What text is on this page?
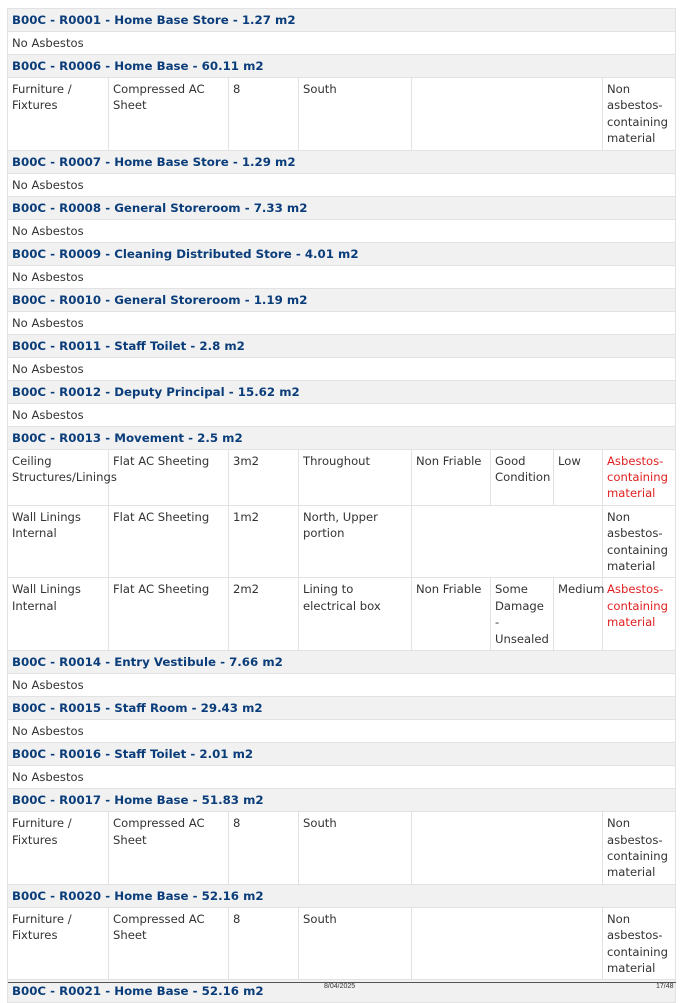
B00C - R0001 - Home Base Store - 1.27 m2							
No Asbestos							
B00C - R0006 - Home Base - 60.11 m2							
Furniture / Fixtures	Compressed AC Sheet	8	South				Non asbestos-containing material
B00C - R0007 - Home Base Store - 1.29 m2							
No Asbestos							
B00C - R0008 - General Storeroom - 7.33 m2							
No Asbestos							
B00C - R0009 - Cleaning Distributed Store - 4.01 m2							
No Asbestos							
B00C - R0010 - General Storeroom - 1.19 m2							
No Asbestos							
B00C - R0011 - Staff Toilet - 2.8 m2							
No Asbestos							
B00C - R0012 - Deputy Principal - 15.62 m2							
No Asbestos							
B00C - R0013 - Movement - 2.5 m2							
Ceiling Structures/Linings	Flat AC Sheeting	3m2	Throughout	Non Friable	Good Condition	Low	Asbestos-containing material
Wall Linings Internal	Flat AC Sheeting	1m2	North, Upper portion				Non asbestos-containing material
Wall Linings Internal	Flat AC Sheeting	2m2	Lining to electrical box	Non Friable	Some Damage - Unsealed	Medium	Asbestos-containing material
B00C - R0014 - Entry Vestibule - 7.66 m2							
No Asbestos							
B00C - R0015 - Staff Room - 29.43 m2							
No Asbestos							
B00C - R0016 - Staff Toilet - 2.01 m2							
No Asbestos							
B00C - R0017 - Home Base - 51.83 m2							
Furniture / Fixtures	Compressed AC Sheet	8	South				Non asbestos-containing material
B00C - R0020 - Home Base - 52.16 m2							
Furniture / Fixtures	Compressed AC Sheet	8	South				Non asbestos-containing material
B00C - R0021 - Home Base - 52.16 m2								8/04/2025	17/48
